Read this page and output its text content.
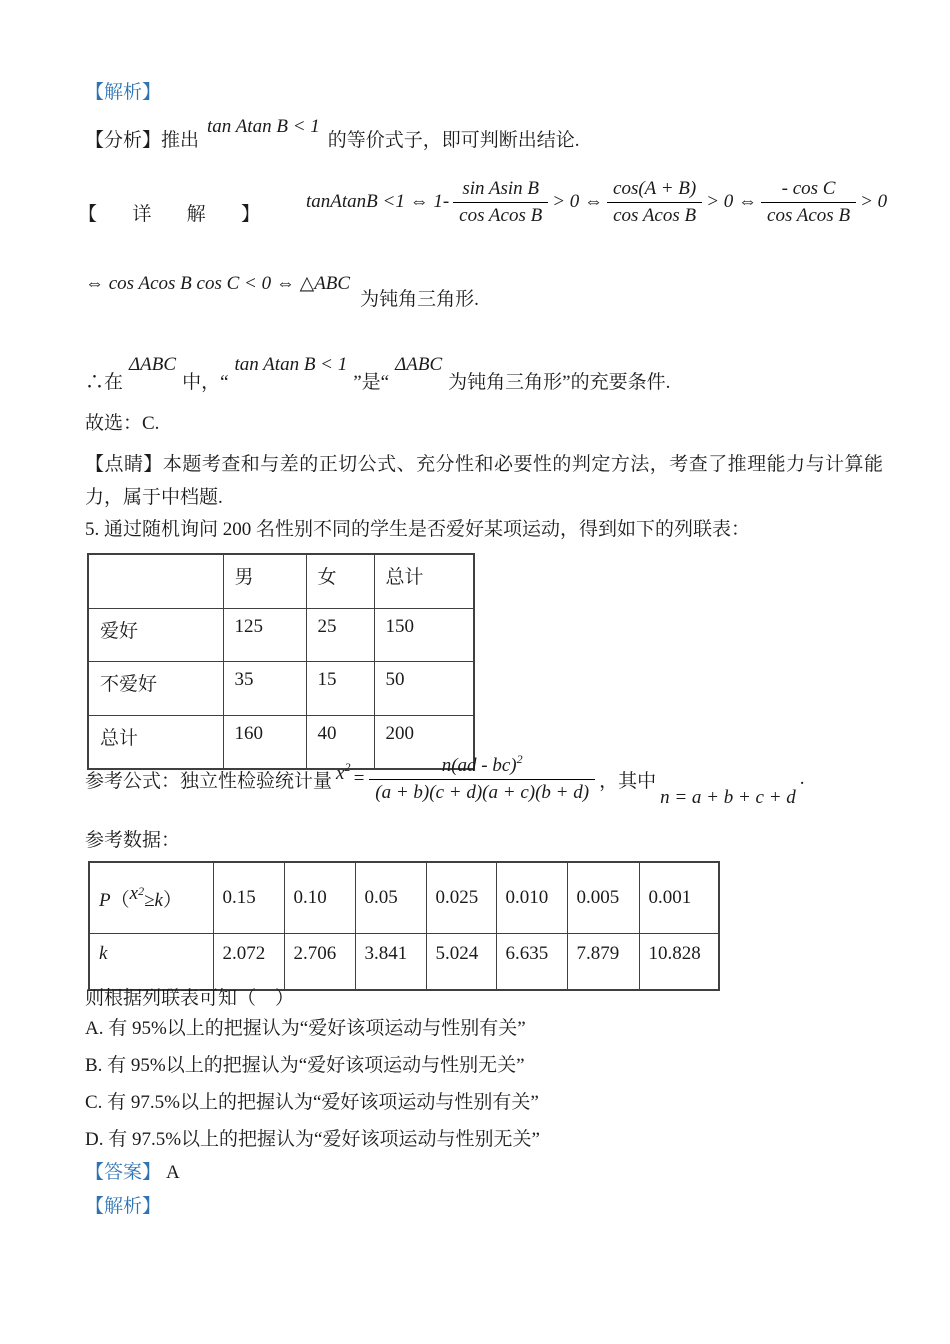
【解析】
【分析】推出tan Atan B < 1的等价式子，即可判断出结论.
【 详 解 】
tanAtanB <1 ⇔ $1- \frac{\text{sin Asin B}}{\text{cos Acos B}} > 0$ ⇔ $\frac{\cos(A + B)}{\text{cos Acos B}} > 0$ ⇔ $\frac{\text{- cos C}}{\text{cos Acos B}} > 0$
⇔ cos Acos B cos C < 0 ⇔ △ABC为钝角三角形.
∴在ΔABC中，“tan Atan B < 1”是“ΔABC为钝角三角形”的充要条件.
故选：C.
【点睛】本题考查和与差的正切公式、充分性和必要性的判定方法，考查了推理能力与计算能力，属于中档题.
5. 通过随机询问 200 名性别不同的学生是否爱好某项运动，得到如下的列联表：
	男	女	总计
爱好	125	25	150
不爱好	35	15	50
总计	160	40	200
参考公式：独立性检验统计量 $x^2$
= $\frac{n(ad - bc)^2}{(a + b)(c + d)(a + c)(b + d)}$ ，其中
n = a + b + c + d
.
参考数据：
$P(x^2\ge k)$	0.15	0.10	0.05	0.025	0.010	0.005	0.001
k	2.072	2.706	3.841	5.024	6.635	7.879	10.828
则根据列联表可知（　）
A. 有 95%以上的把握认为“爱好该项运动与性别有关”
B. 有 95%以上的把握认为“爱好该项运动与性别无关”
C. 有 97.5%以上的把握认为“爱好该项运动与性别有关”
D. 有 97.5%以上的把握认为“爱好该项运动与性别无关”
【答案】 A
【解析】
